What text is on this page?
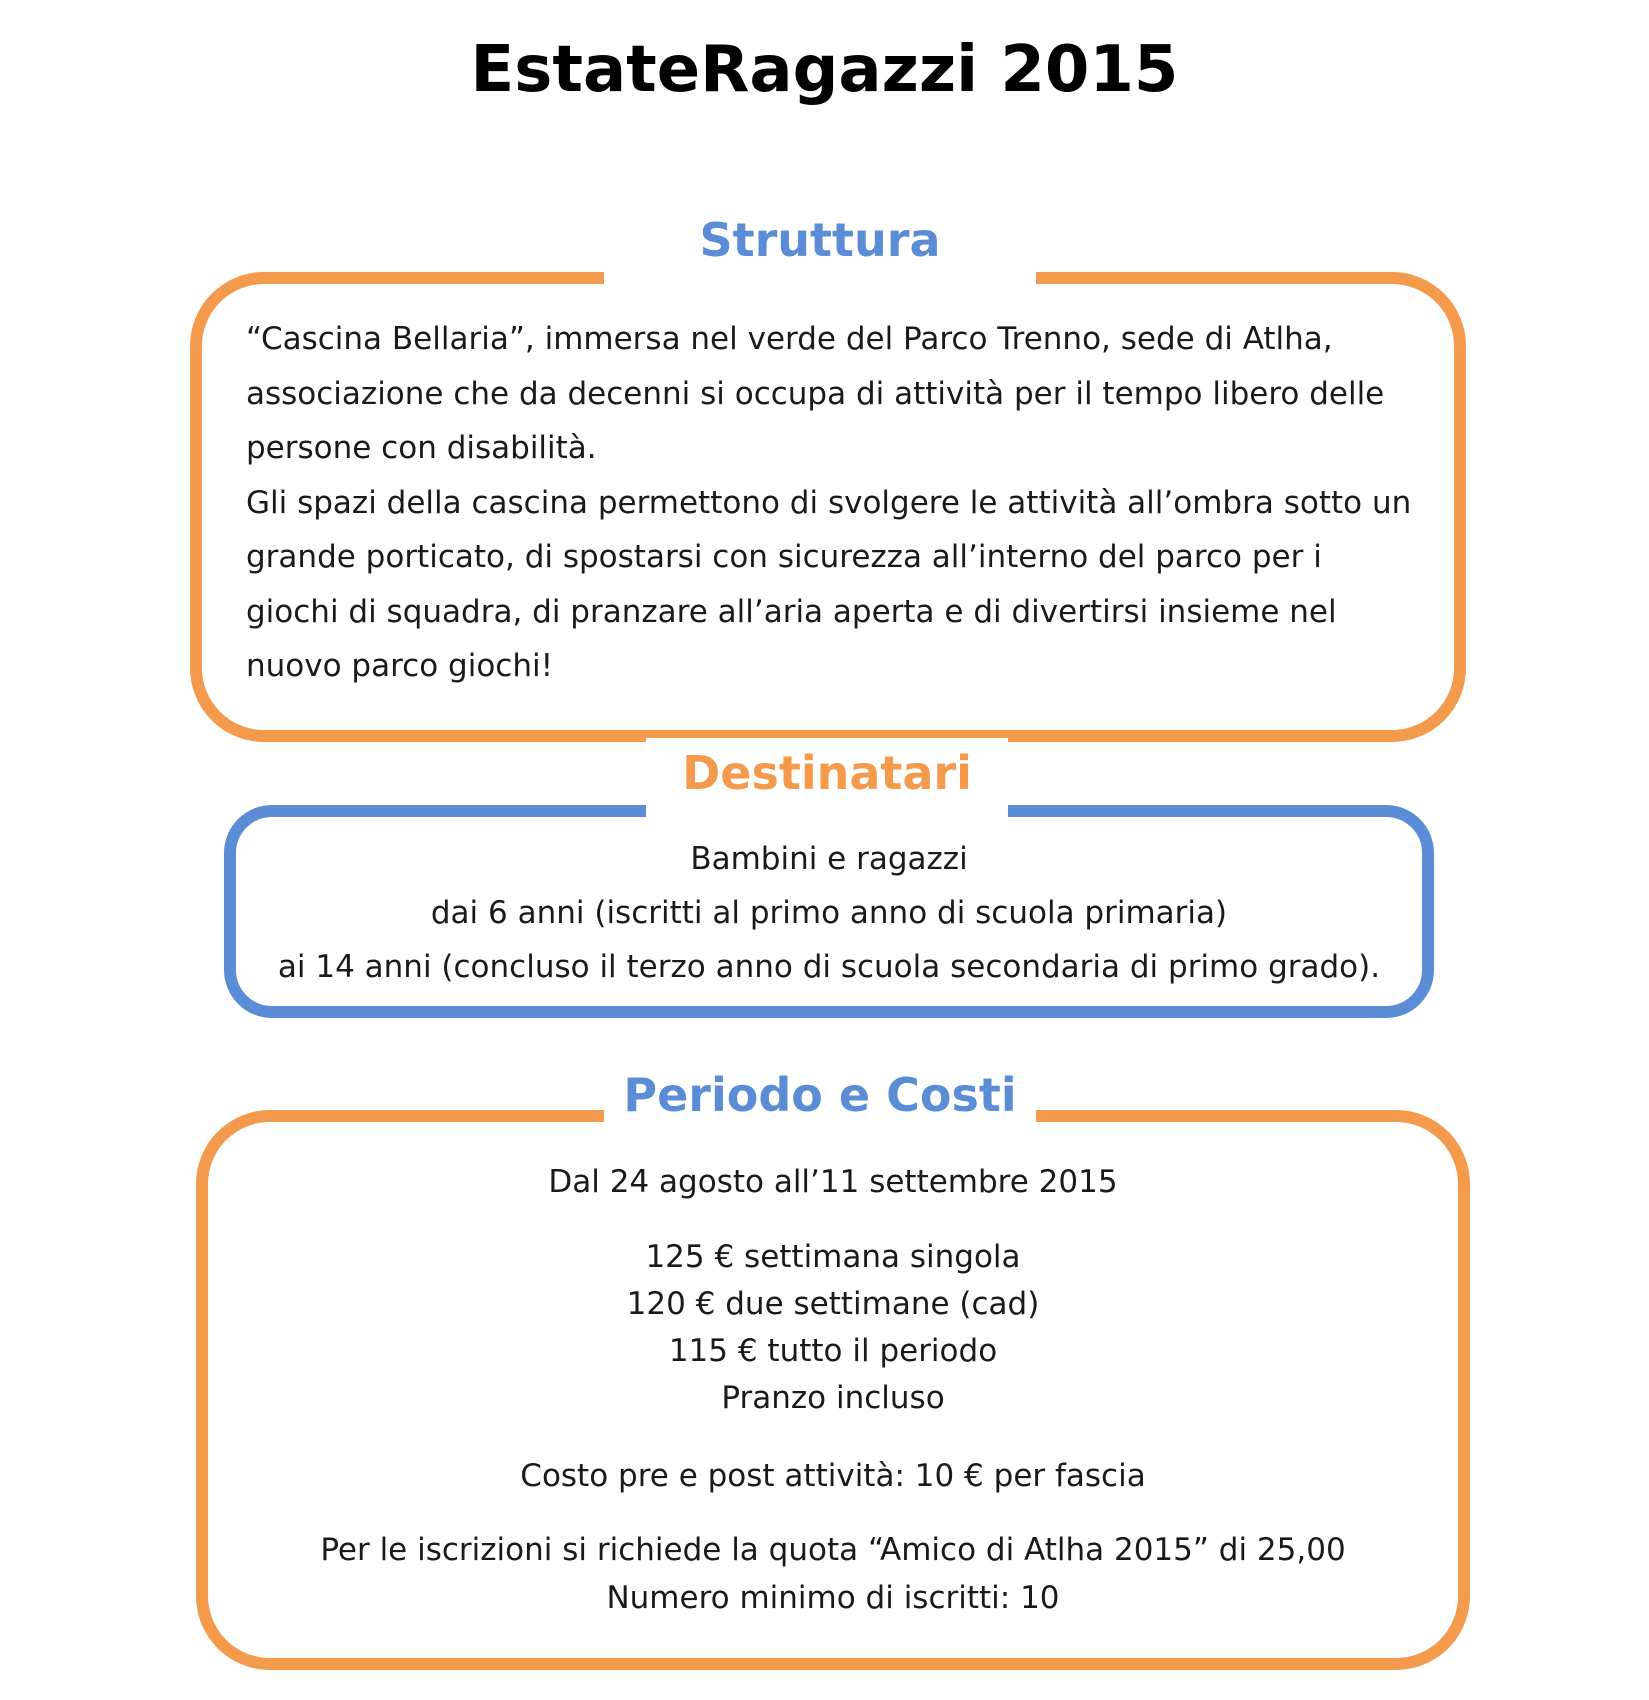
EstateRagazzi 2015
Struttura

“Cascina Bellaria”, immersa nel verde del Parco Trenno, sede di Atlha, associazione che da decenni si occupa di attività per il tempo libero delle persone con disabilità.

Gli spazi della cascina permettono di svolgere le attività all’ombra sotto un grande porticato, di spostarsi con sicurezza all’interno del parco per i giochi di squadra, di pranzare all’aria aperta e di divertirsi insieme nel nuovo parco giochi!

Destinatari
Bambini e ragazzi
dai 6 anni (iscritti al primo anno di scuola primaria)
ai 14 anni (concluso il terzo anno di scuola secondaria di primo grado).
Periodo e Costi
Dal 24 agosto all’11 settembre 2015
125 € settimana singola
120 € due settimane (cad)
115 € tutto il periodo
Pranzo incluso
Costo pre e post attività: 10 € per fascia
Per le iscrizioni si richiede la quota “Amico di Atlha 2015” di 25,00
Numero minimo di iscritti: 10
